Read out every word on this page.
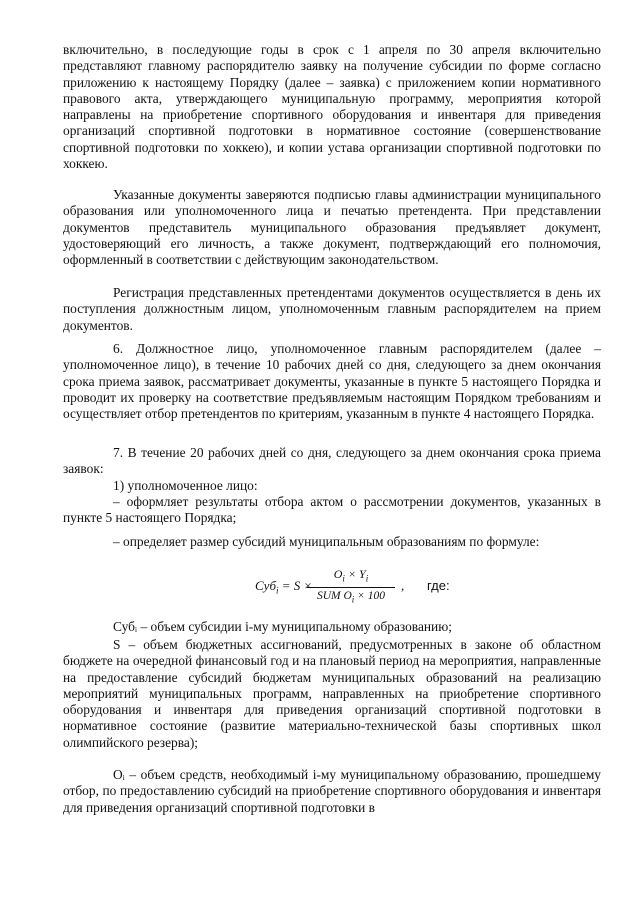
включительно, в последующие годы в срок с 1 апреля по 30 апреля включительно представляют главному распорядителю заявку на получение субсидии по форме согласно приложению к настоящему Порядку (далее – заявка) с приложением копии нормативного правового акта, утверждающего муниципальную программу, мероприятия которой направлены на приобретение спортивного оборудования и инвентаря для приведения организаций спортивной подготовки в нормативное состояние (совершенствование спортивной подготовки по хоккею), и копии устава организации спортивной подготовки по хоккею.

Указанные документы заверяются подписью главы администрации муниципального образования или уполномоченного лица и печатью претендента. При представлении документов представитель муниципального образования предъявляет документ, удостоверяющий его личность, а также документ, подтверждающий его полномочия, оформленный в соответствии с действующим законодательством.

Регистрация представленных претендентами документов осуществляется в день их поступления должностным лицом, уполномоченным главным распорядителем на прием документов.

6. Должностное лицо, уполномоченное главным распорядителем (далее – уполномоченное лицо), в течение 10 рабочих дней со дня, следующего за днем окончания срока приема заявок, рассматривает документы, указанные в пункте 5 настоящего Порядка и проводит их проверку на соответствие предъявляемым настоящим Порядком требованиям и осуществляет отбор претендентов по критериям, указанным в пункте 4 настоящего Порядка.

7. В течение 20 рабочих дней со дня, следующего за днем окончания срока приема заявок:

1) уполномоченное лицо:

– оформляет результаты отбора актом о рассмотрении документов, указанных в пункте 5 настоящего Порядка;

– определяет размер субсидий муниципальным образованиям по формуле:

Суб$_i$ = S ×
$O_i \times Y_i$
SUM $O_i \times 100$
, где:

Субᵢ – объем субсидии i-му муниципальному образованию;

S – объем бюджетных ассигнований, предусмотренных в законе об областном бюджете на очередной финансовый год и на плановый период на мероприятия, направленные на предоставление субсидий бюджетам муниципальных образований на реализацию мероприятий муниципальных программ, направленных на приобретение спортивного оборудования и инвентаря для приведения организаций спортивной подготовки в нормативное состояние (развитие материально-технической базы спортивных школ олимпийского резерва);

Oᵢ – объем средств, необходимый i-му муниципальному образованию, прошедшему отбор, по предоставлению субсидий на приобретение спортивного оборудования и инвентаря для приведения организаций спортивной подготовки в
